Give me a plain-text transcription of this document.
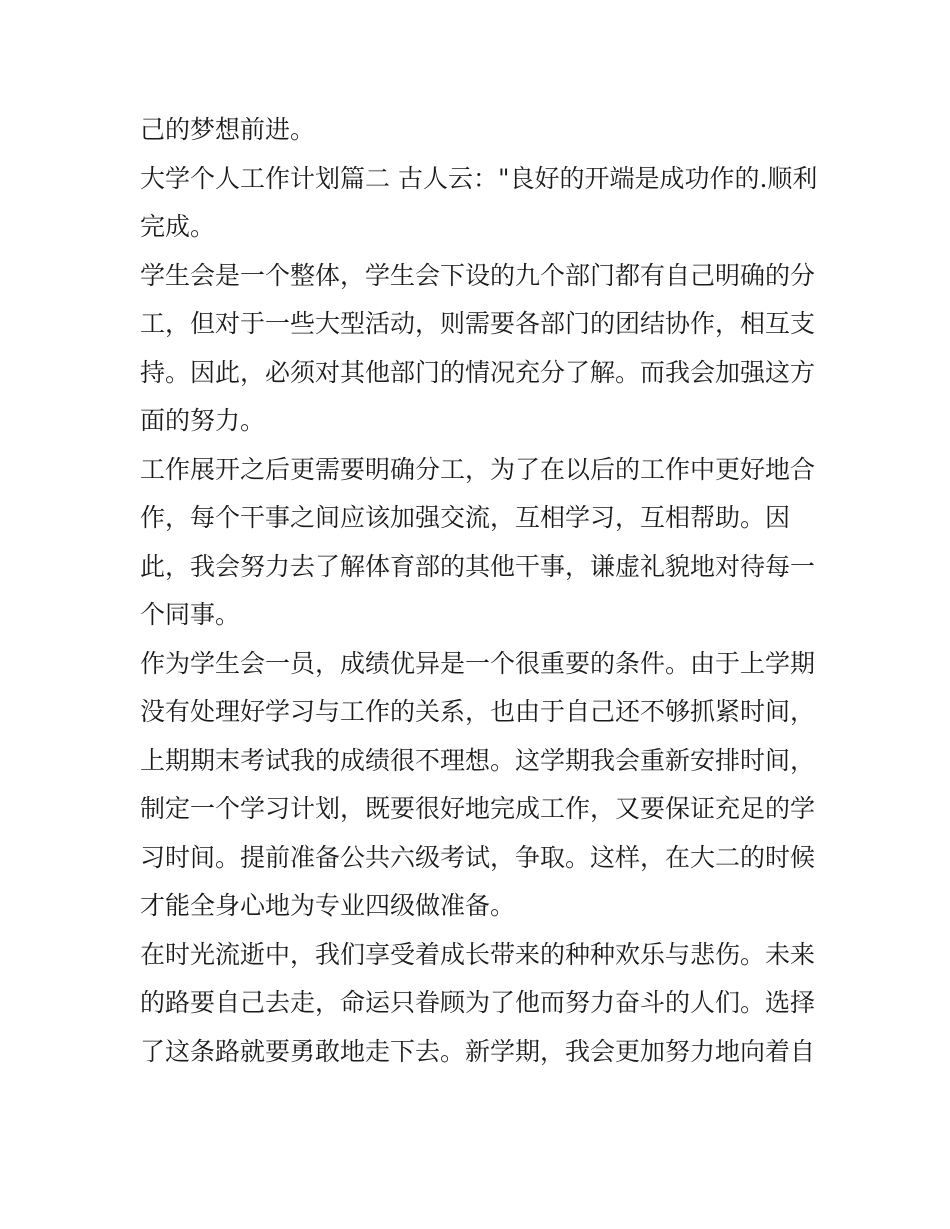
己的梦想前进。
大学个人工作计划篇二 古人云："良好的开端是成功作的.顺利
完成。
学生会是一个整体，学生会下设的九个部门都有自己明确的分
工，但对于一些大型活动，则需要各部门的团结协作，相互支
持。因此，必须对其他部门的情况充分了解。而我会加强这方
面的努力。
工作展开之后更需要明确分工，为了在以后的工作中更好地合
作，每个干事之间应该加强交流，互相学习，互相帮助。因
此，我会努力去了解体育部的其他干事，谦虚礼貌地对待每一
个同事。
作为学生会一员，成绩优异是一个很重要的条件。由于上学期
没有处理好学习与工作的关系，也由于自己还不够抓紧时间，
上期期末考试我的成绩很不理想。这学期我会重新安排时间，
制定一个学习计划，既要很好地完成工作，又要保证充足的学
习时间。提前准备公共六级考试，争取。这样，在大二的时候
才能全身心地为专业四级做准备。
在时光流逝中，我们享受着成长带来的种种欢乐与悲伤。未来
的路要自己去走，命运只眷顾为了他而努力奋斗的人们。选择
了这条路就要勇敢地走下去。新学期，我会更加努力地向着自
